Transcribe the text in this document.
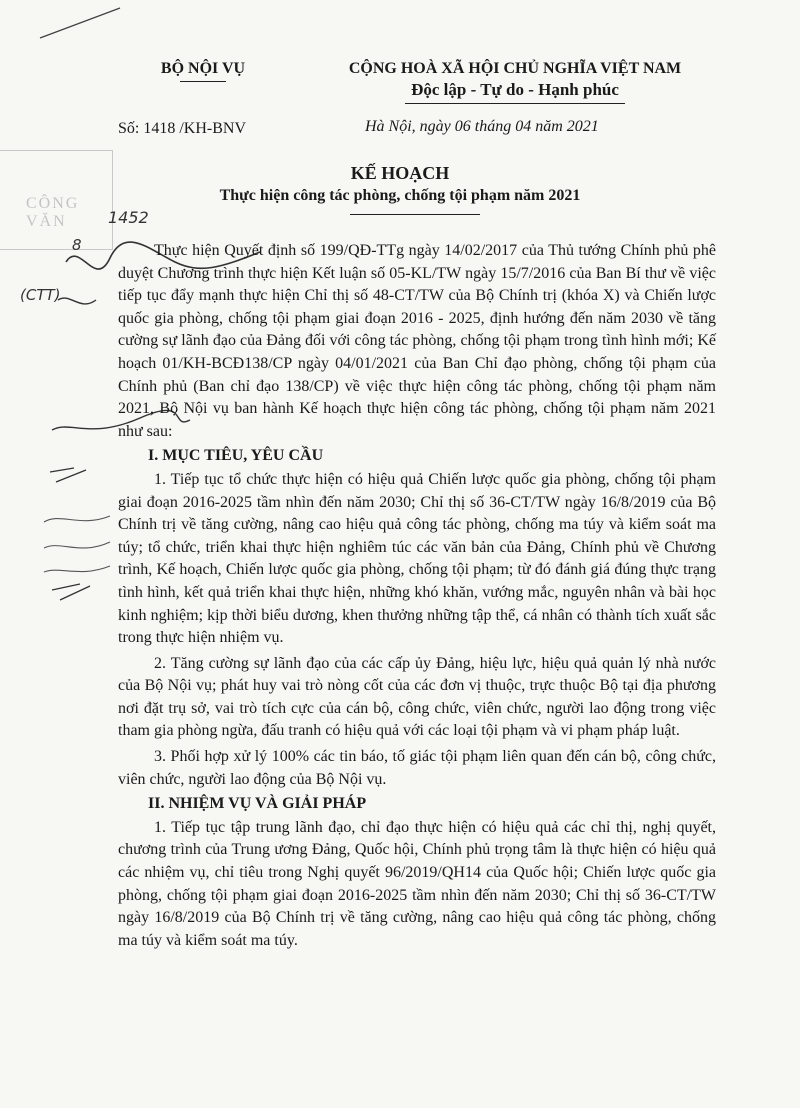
CÔNG VĂN	1452
(CTT)
8
BỘ NỘI VỤ	CỘNG HOÀ XÃ HỘI CHỦ NGHĨA VIỆT NAM
Độc lập - Tự do - Hạnh phúc
Số: 1418 /KH-BNV	Hà Nội, ngày 06 tháng 04 năm 2021
KẾ HOẠCH
Thực hiện công tác phòng, chống tội phạm năm 2021

Thực hiện Quyết định số 199/QĐ-TTg ngày 14/02/2017 của Thủ tướng Chính phủ phê duyệt Chương trình thực hiện Kết luận số 05-KL/TW ngày 15/7/2016 của Ban Bí thư về việc tiếp tục đẩy mạnh thực hiện Chỉ thị số 48-CT/TW của Bộ Chính trị (khóa X) và Chiến lược quốc gia phòng, chống tội phạm giai đoạn 2016 - 2025, định hướng đến năm 2030 về tăng cường sự lãnh đạo của Đảng đối với công tác phòng, chống tội phạm trong tình hình mới; Kế hoạch 01/KH-BCĐ138/CP ngày 04/01/2021 của Ban Chỉ đạo phòng, chống tội phạm của Chính phủ (Ban chỉ đạo 138/CP) về việc thực hiện công tác phòng, chống tội phạm năm 2021, Bộ Nội vụ ban hành Kế hoạch thực hiện công tác phòng, chống tội phạm năm 2021 như sau:

I. MỤC TIÊU, YÊU CẦU

1. Tiếp tục tổ chức thực hiện có hiệu quả Chiến lược quốc gia phòng, chống tội phạm giai đoạn 2016-2025 tầm nhìn đến năm 2030; Chỉ thị số 36-CT/TW ngày 16/8/2019 của Bộ Chính trị về tăng cường, nâng cao hiệu quả công tác phòng, chống ma túy và kiểm soát ma túy; tổ chức, triển khai thực hiện nghiêm túc các văn bản của Đảng, Chính phủ về Chương trình, Kế hoạch, Chiến lược quốc gia phòng, chống tội phạm; từ đó đánh giá đúng thực trạng tình hình, kết quả triển khai thực hiện, những khó khăn, vướng mắc, nguyên nhân và bài học kinh nghiệm; kịp thời biểu dương, khen thưởng những tập thể, cá nhân có thành tích xuất sắc trong thực hiện nhiệm vụ.

2. Tăng cường sự lãnh đạo của các cấp ủy Đảng, hiệu lực, hiệu quả quản lý nhà nước của Bộ Nội vụ; phát huy vai trò nòng cốt của các đơn vị thuộc, trực thuộc Bộ tại địa phương nơi đặt trụ sở, vai trò tích cực của cán bộ, công chức, viên chức, người lao động trong việc tham gia phòng ngừa, đấu tranh có hiệu quả với các loại tội phạm và vi phạm pháp luật.

3. Phối hợp xử lý 100% các tin báo, tố giác tội phạm liên quan đến cán bộ, công chức, viên chức, người lao động của Bộ Nội vụ.

II. NHIỆM VỤ VÀ GIẢI PHÁP

1. Tiếp tục tập trung lãnh đạo, chỉ đạo thực hiện có hiệu quả các chỉ thị, nghị quyết, chương trình của Trung ương Đảng, Quốc hội, Chính phủ trọng tâm là thực hiện có hiệu quả các nhiệm vụ, chỉ tiêu trong Nghị quyết 96/2019/QH14 của Quốc hội; Chiến lược quốc gia phòng, chống tội phạm giai đoạn 2016-2025 tầm nhìn đến năm 2030; Chỉ thị số 36-CT/TW ngày 16/8/2019 của Bộ Chính trị về tăng cường, nâng cao hiệu quả công tác phòng, chống ma túy và kiểm soát ma túy.
